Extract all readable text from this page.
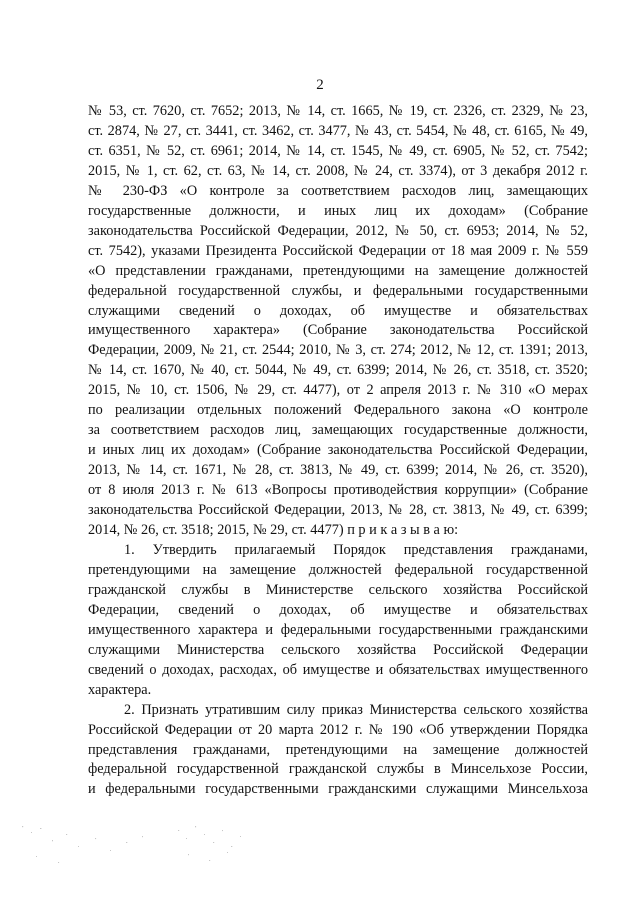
2
№ 53, ст. 7620, ст. 7652; 2013, № 14, ст. 1665, № 19, ст. 2326, ст. 2329, № 23,
ст. 2874, № 27, ст. 3441, ст. 3462, ст. 3477, № 43, ст. 5454, № 48, ст. 6165, № 49,
ст. 6351, № 52, ст. 6961; 2014, № 14, ст. 1545, № 49, ст. 6905, № 52, ст. 7542;
2015, № 1, ст. 62, ст. 63, № 14, ст. 2008, № 24, ст. 3374), от 3 декабря 2012 г.
№ 230-ФЗ «О контроле за соответствием расходов лиц, замещающих
государственные должности, и иных лиц их доходам» (Собрание
законодательства Российской Федерации, 2012, № 50, ст. 6953; 2014, № 52,
ст. 7542), указами Президента Российской Федерации от 18 мая 2009 г. № 559
«О представлении гражданами, претендующими на замещение должностей
федеральной государственной службы, и федеральными государственными
служащими сведений о доходах, об имуществе и обязательствах
имущественного характера» (Собрание законодательства Российской
Федерации, 2009, № 21, ст. 2544; 2010, № 3, ст. 274; 2012, № 12, ст. 1391; 2013,
№ 14, ст. 1670, № 40, ст. 5044, № 49, ст. 6399; 2014, № 26, ст. 3518, ст. 3520;
2015, № 10, ст. 1506, № 29, ст. 4477), от 2 апреля 2013 г. № 310 «О мерах
по реализации отдельных положений Федерального закона «О контроле
за соответствием расходов лиц, замещающих государственные должности,
и иных лиц их доходам» (Собрание законодательства Российской Федерации,
2013, № 14, ст. 1671, № 28, ст. 3813, № 49, ст. 6399; 2014, № 26, ст. 3520),
от 8 июля 2013 г. № 613 «Вопросы противодействия коррупции» (Собрание
законодательства Российской Федерации, 2013, № 28, ст. 3813, № 49, ст. 6399;
2014, № 26, ст. 3518; 2015, № 29, ст. 4477) п р и к а з ы в а ю:
1. Утвердить прилагаемый Порядок представления гражданами,
претендующими на замещение должностей федеральной государственной
гражданской службы в Министерстве сельского хозяйства Российской
Федерации, сведений о доходах, об имуществе и обязательствах
имущественного характера и федеральными государственными гражданскими
служащими Министерства сельского хозяйства Российской Федерации
сведений о доходах, расходах, об имуществе и обязательствах имущественного
характера.
2. Признать утратившим силу приказ Министерства сельского хозяйства
Российской Федерации от 20 марта 2012 г. № 190 «Об утверждении Порядка
представления гражданами, претендующими на замещение должностей
федеральной государственной гражданской службы в Минсельхозе России,
и федеральными государственными гражданскими служащими Минсельхоза
